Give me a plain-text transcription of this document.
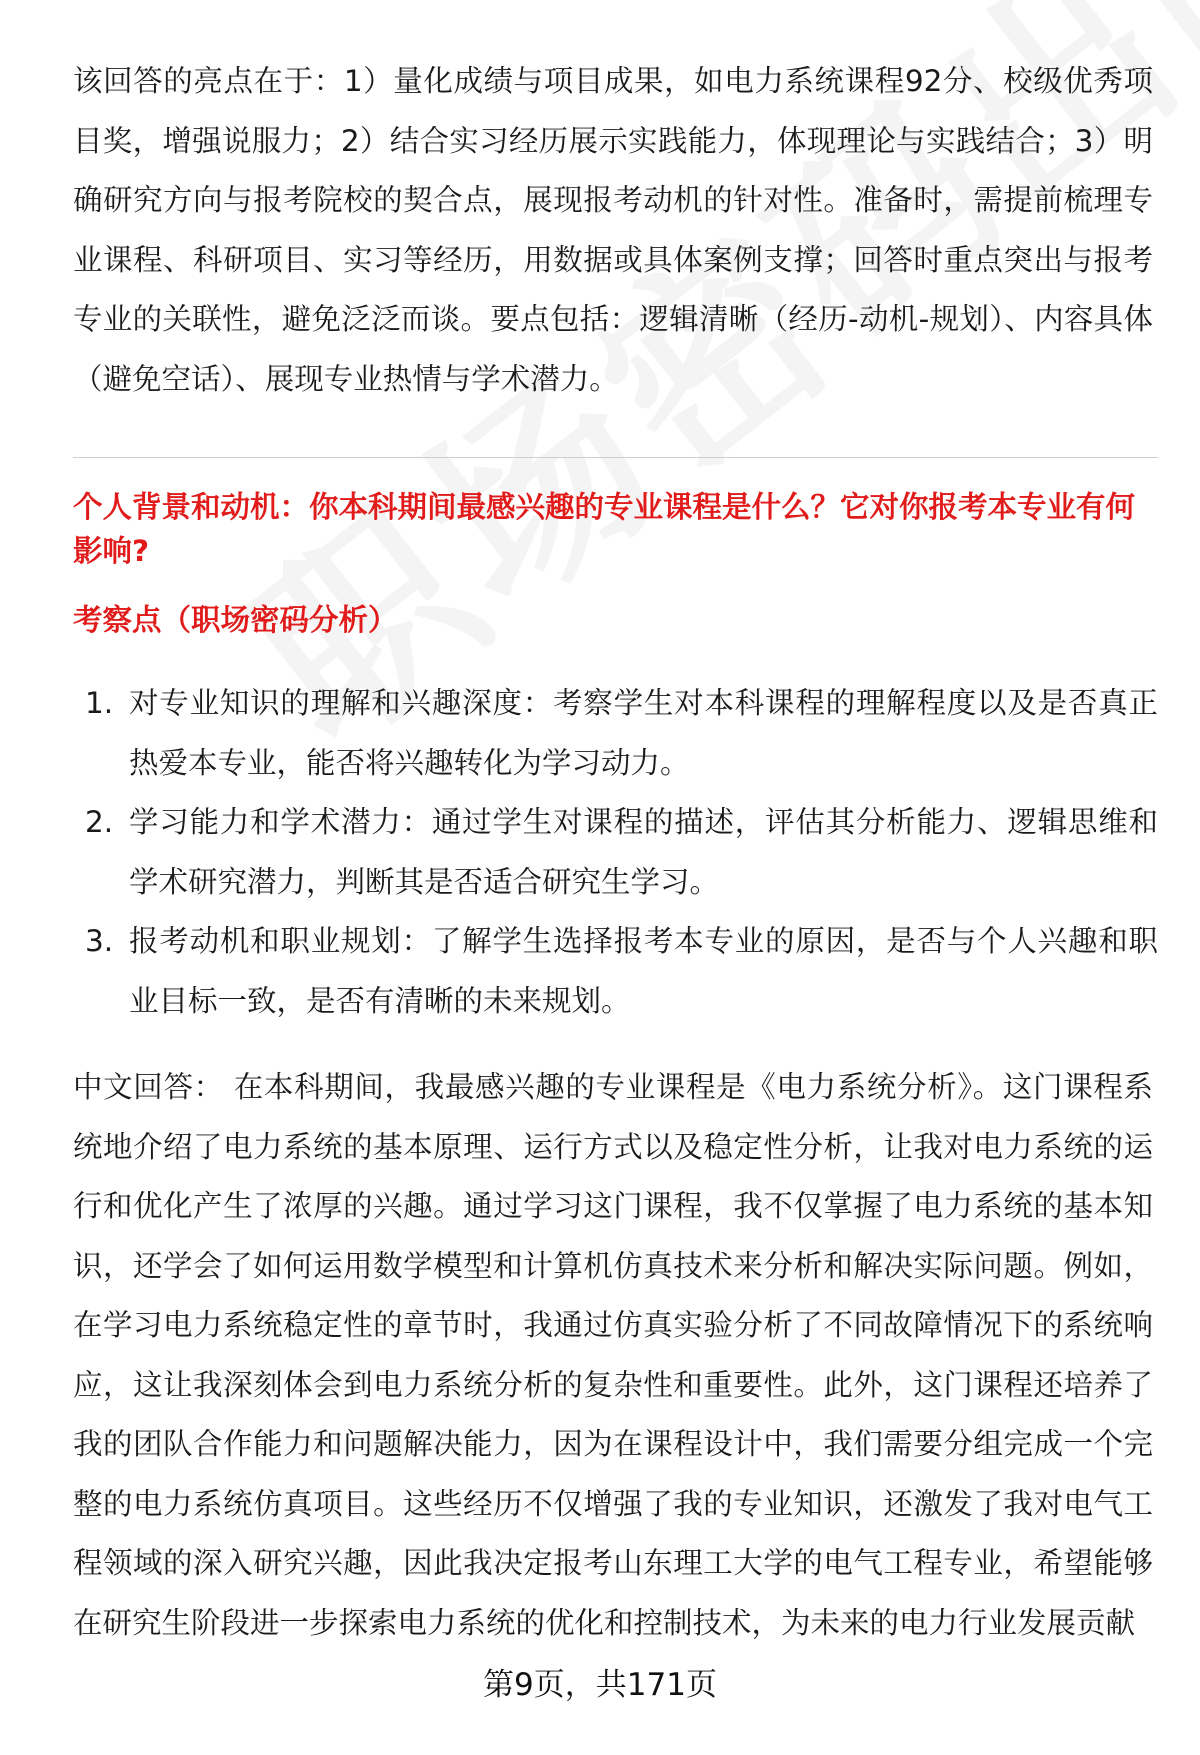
该回答的亮点在于：1）量化成绩与项目成果，如电力系统课程92分、校级优秀项目奖，增强说服力；2）结合实习经历展示实践能力，体现理论与实践结合；3）明确研究方向与报考院校的契合点，展现报考动机的针对性。准备时，需提前梳理专业课程、科研项目、实习等经历，用数据或具体案例支撑；回答时重点突出与报考专业的关联性，避免泛泛而谈。要点包括：逻辑清晰（经历-动机-规划）、内容具体（避免空话）、展现专业热情与学术潜力。

个人背景和动机：你本科期间最感兴趣的专业课程是什么？它对你报考本专业有何影响?

考察点（职场密码分析）

1. 对专业知识的理解和兴趣深度：考察学生对本科课程的理解程度以及是否真正热爱本专业，能否将兴趣转化为学习动力。
2. 学习能力和学术潜力：通过学生对课程的描述，评估其分析能力、逻辑思维和学术研究潜力，判断其是否适合研究生学习。
3. 报考动机和职业规划：了解学生选择报考本专业的原因，是否与个人兴趣和职业目标一致，是否有清晰的未来规划。

中文回答： 在本科期间，我最感兴趣的专业课程是《电力系统分析》。这门课程系统地介绍了电力系统的基本原理、运行方式以及稳定性分析，让我对电力系统的运行和优化产生了浓厚的兴趣。通过学习这门课程，我不仅掌握了电力系统的基本知识，还学会了如何运用数学模型和计算机仿真技术来分析和解决实际问题。例如，在学习电力系统稳定性的章节时，我通过仿真实验分析了不同故障情况下的系统响应，这让我深刻体会到电力系统分析的复杂性和重要性。此外，这门课程还培养了我的团队合作能力和问题解决能力，因为在课程设计中，我们需要分组完成一个完整的电力系统仿真项目。这些经历不仅增强了我的专业知识，还激发了我对电气工程领域的深入研究兴趣，因此我决定报考山东理工大学的电气工程专业，希望能够在研究生阶段进一步探索电力系统的优化和控制技术，为未来的电力行业发展贡献

第9页，共171页
